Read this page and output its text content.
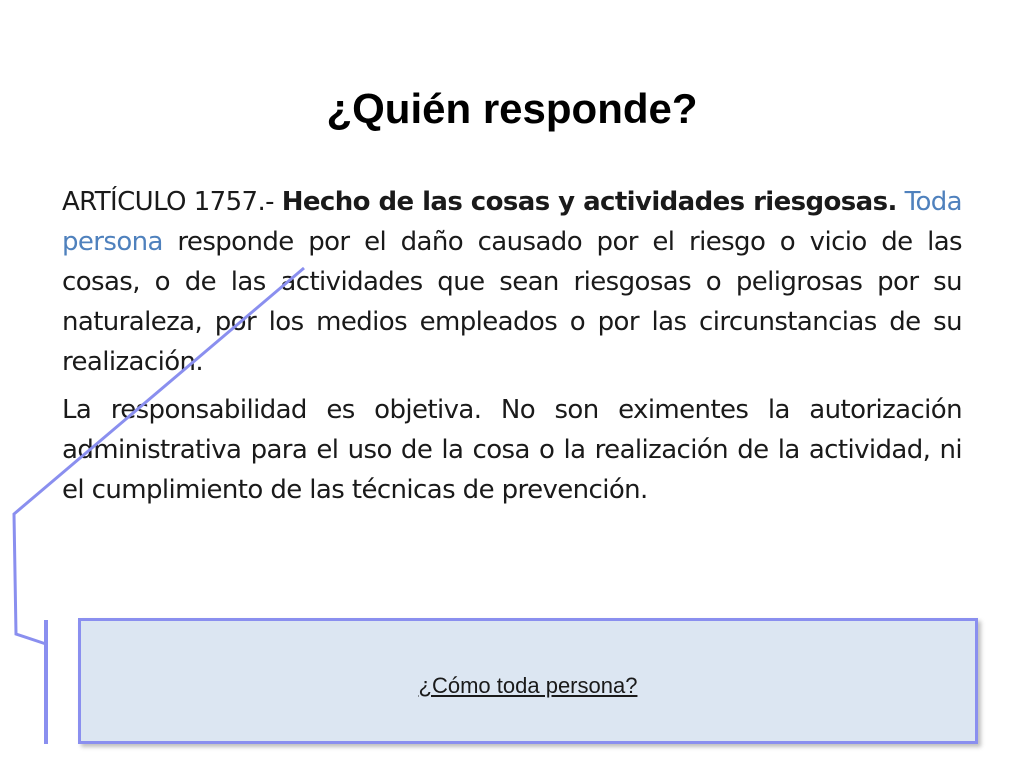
¿Quién responde?

ARTÍCULO 1757.- Hecho de las cosas y actividades riesgosas. Toda persona responde por el daño causado por el riesgo o vicio de las cosas, o de las actividades que sean riesgosas o peligrosas por su naturaleza, por los medios empleados o por las circunstancias de su realización.

La responsabilidad es objetiva. No son eximentes la autorización administrativa para el uso de la cosa o la realización de la actividad, ni el cumplimiento de las técnicas de prevención.

¿Cómo toda persona?
